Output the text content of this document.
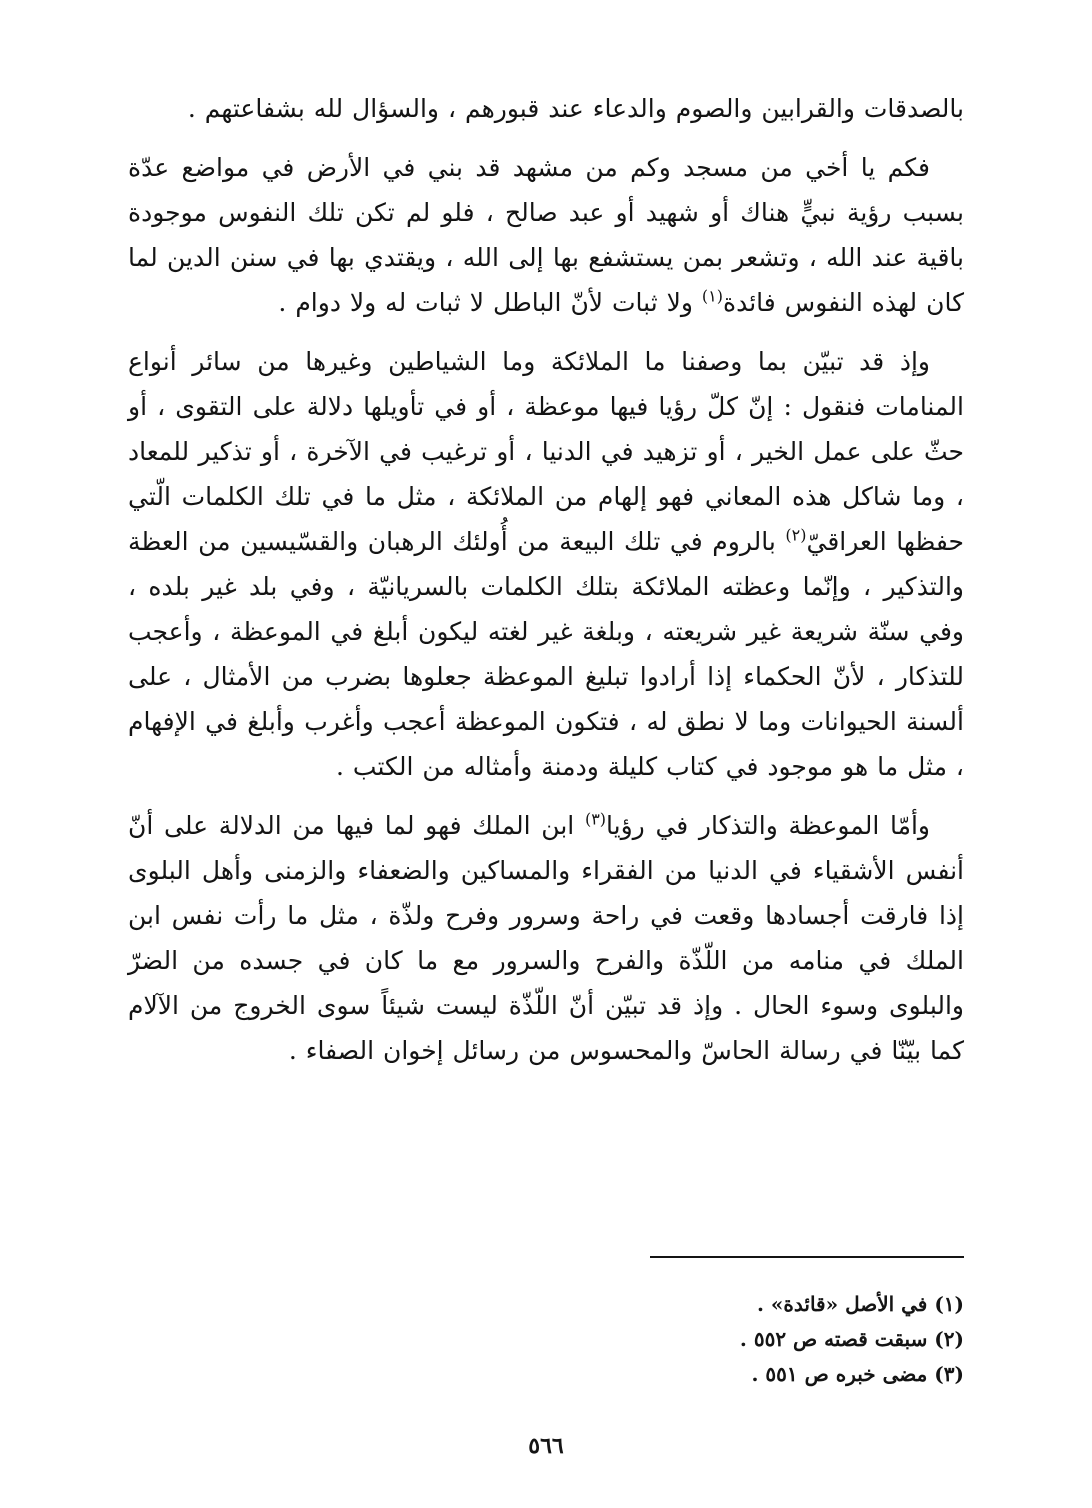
بالصدقات والقرابين والصوم والدعاء عند قبورهم ، والسؤال لله بشفاعتهم .

فكم يا أخي من مسجد وكم من مشهد قد بني في الأرض في مواضع عدّة بسبب رؤية نبيٍّ هناك أو شهيد أو عبد صالح ، فلو لم تكن تلك النفوس موجودة باقية عند الله ، وتشعر بمن يستشفع بها إلى الله ، ويقتدي بها في سنن الدين لما كان لهذه النفوس فائدة$^{(١)}$ ولا ثبات لأنّ الباطل لا ثبات له ولا دوام .

وإذ قد تبيّن بما وصفنا ما الملائكة وما الشياطين وغيرها من سائر أنواع المنامات فنقول : إنّ كلّ رؤيا فيها موعظة ، أو في تأويلها دلالة على التقوى ، أو حثّ على عمل الخير ، أو تزهيد في الدنيا ، أو ترغيب في الآخرة ، أو تذكير للمعاد ، وما شاكل هذه المعاني فهو إلهام من الملائكة ، مثل ما في تلك الكلمات الّتي حفظها العراقيّ$^{(٢)}$ بالروم في تلك البيعة من أُولئك الرهبان والقسّيسين من العظة والتذكير ، وإنّما وعظته الملائكة بتلك الكلمات بالسريانيّة ، وفي بلد غير بلده ، وفي سنّة شريعة غير شريعته ، وبلغة غير لغته ليكون أبلغ في الموعظة ، وأعجب للتذكار ، لأنّ الحكماء إذا أرادوا تبليغ الموعظة جعلوها بضرب من الأمثال ، على ألسنة الحيوانات وما لا نطق له ، فتكون الموعظة أعجب وأغرب وأبلغ في الإفهام ، مثل ما هو موجود في كتاب كليلة ودمنة وأمثاله من الكتب .

وأمّا الموعظة والتذكار في رؤيا$^{(٣)}$ ابن الملك فهو لما فيها من الدلالة على أنّ أنفس الأشقياء في الدنيا من الفقراء والمساكين والضعفاء والزمنى وأهل البلوى إذا فارقت أجسادها وقعت في راحة وسرور وفرح ولذّة ، مثل ما رأت نفس ابن الملك في منامه من اللّذّة والفرح والسرور مع ما كان في جسده من الضرّ والبلوى وسوء الحال . وإذ قد تبيّن أنّ اللّذّة ليست شيئاً سوى الخروج من الآلام كما بيّنّا في رسالة الحاسّ والمحسوس من رسائل إخوان الصفاء .

(١) في الأصل «قائدة» .
(٢) سبقت قصته ص ٥٥٢ .
(٣) مضى خبره ص ٥٥١ .
٥٦٦
